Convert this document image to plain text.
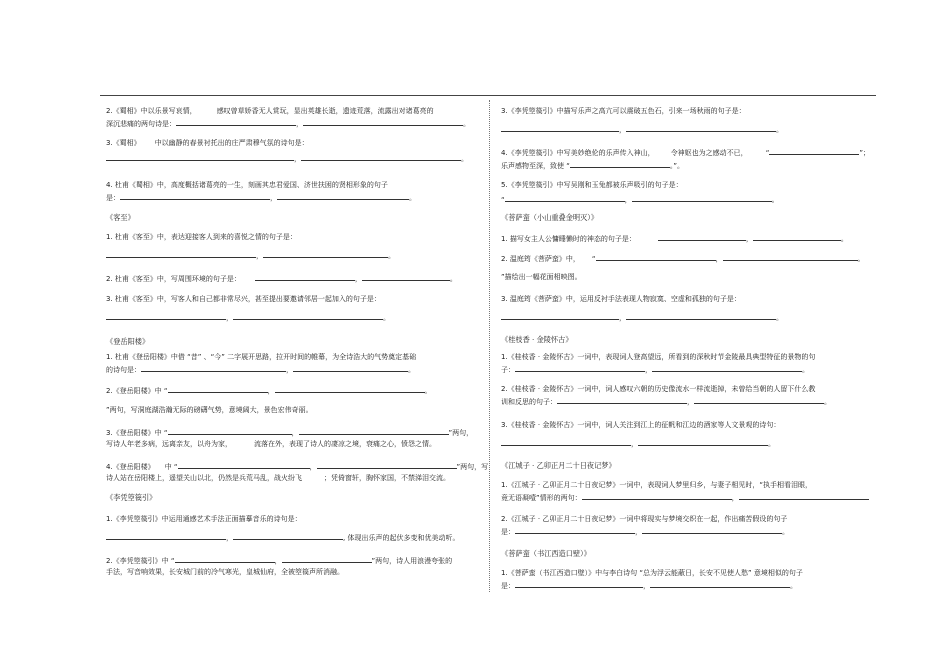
2.《蜀相》中以乐景写哀情，	感叹曾草娇香无人赏玩，显出英雄长逝，遗迹荒落，流露出对诸葛亮的
深沉悲痛的两句诗是：	，	。
3.《蜀相》 中以幽静的春景衬托出的庄严肃穆气氛的诗句是：
，	。
4. 杜甫《蜀相》中，高度概括诸葛亮的一生，刻画其忠君爱国、济世扶困的贤相形象的句子
是：	，	。
《客至》
1. 杜甫《客至》中，表达迎接客人到来的喜悦之情的句子是：
，	。
2. 杜甫《客至》中，写周围环境的句子是：	，	。
3. 杜甫《客至》中，写客人和自己都非常尽兴，甚至提出要邀请邻居一起加入的句子是：
，	。
《登岳阳楼》
1. 杜甫《登岳阳楼》中借 “昔” 、“今” 二字展开思路，拉开时间的帷幕，为全诗浩大的气势奠定基础
的诗句是：	，	。
2.《登岳阳楼》中 “	，	。
”两句，写洞庭湖浩瀚无际的磅礴气势，意境阔大，景色宏伟奇丽。
3.《登岳阳楼》中 “	，	”两句，
写诗人年老多病，远离亲友，以舟为家，	流落在外，表现了诗人的凄凉之境，衰痛之心，愤怨之情。
4.《登岳阳楼》 中 “	，	”两句，写
诗人站在岳阳楼上，遥望关山以北，仍然是兵荒马乱，战火纷飞	；凭倚窗轩，胸怀家国，不禁涕泪交流。
《李凭箜篌引》
1.《李凭箜篌引》中运用通感艺术手法正面描摹音乐的诗句是：
，	, 体现出乐声的起伏多变和优美动听。
2.《李凭箜篌引》中 “	，	”两句，诗人用浪漫夸张的
手法，写音响效果，长安城门前的冷气寒光，皇城仙府，全被箜篌声所消融。
3.《李凭箜篌引》中描写乐声之高亢可以震破五色石，引来一场秋雨的句子是：
，	。
4.《李凭箜篌引》中写美妙绝伦的乐声传入神山， 令神妪也为之感动不已，	“	”；
乐声感物至深，致使 “	。”。
5.《李凭箜篌引》中写吴刚和玉兔都被乐声吸引的句子是：
“	，	。
《菩萨蛮（小山重叠金明灭）》
1. 描写女主人公慵睡懒时的神态的句子是：	，	。
2. 温庭筠《菩萨蛮》中， “	，	。
”描绘出一幅花面相映图。
3. 温庭筠《菩萨蛮》中，运用反衬手法表现人物寂寞、空虚和孤独的句子是：
，	。
《桂枝香 · 金陵怀古》
1.《桂枝香 · 金陵怀古》一词中，表现词人登高望远，所看到的深秋时节金陵最具典型特征的景物的句
子：	，	。
2.《桂枝香 · 金陵怀古》一词中，词人感叹六朝的历史像流水一样流逝掉，未曾给当朝的人留下什么教
训和反思的句子：	，	。
3.《桂枝香 · 金陵怀古》一词中，词人关注到江上的征帆和江边的酒家等人文景观的诗句：
，	。
《江城子 · 乙卯正月二十日夜记梦》
1.《江城子 · 乙卯正月二十日夜记梦》一词中，表现词人梦里归乡，与妻子相见时，“执手相看泪眼，
竟无语凝噎”情形的两句：	，
2.《江城子 · 乙卯正月二十日夜记梦》一词中将现实与梦境交织在一起，作出痛苦假设的句子
是：	，	。
《菩萨蛮（书江西造口壁）》
1.《菩萨蛮（书江西造口壁）》中与李白诗句 “总为浮云能蔽日，长安不见使人愁” 意境相似的句子
是：	，	。
